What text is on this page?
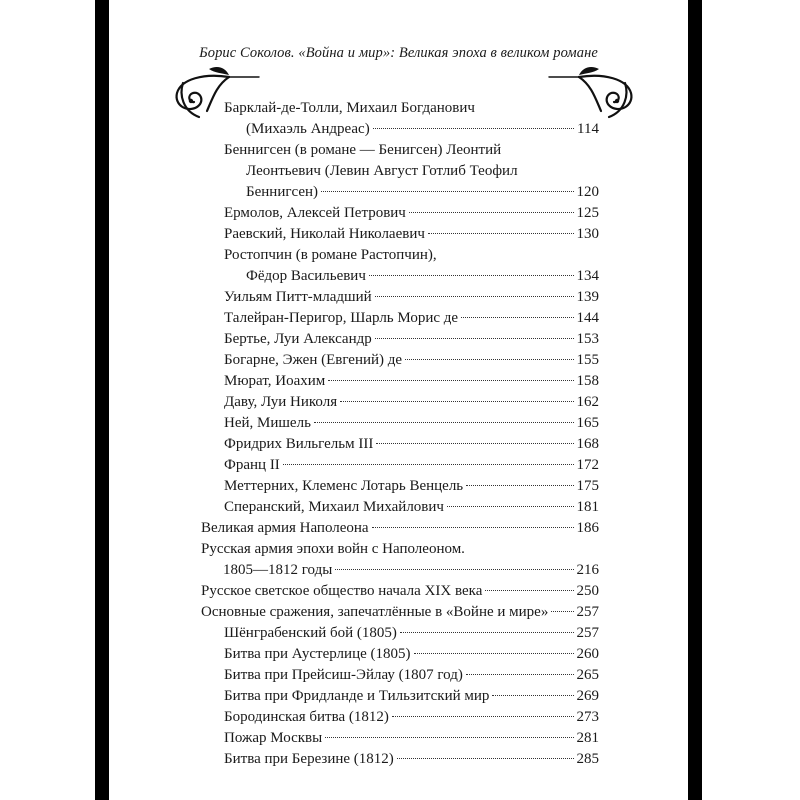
Борис Соколов. «Война и мир»: Великая эпоха в великом романе
Барклай-де-Толли, Михаил Богданович
(Михаэль Андреас)	114
Беннигсен (в романе — Бенигсен) Леонтий
Леонтьевич (Левин Август Готлиб Теофил
Беннигсен)	120
Ермолов, Алексей Петрович	125
Раевский, Николай Николаевич	130
Ростопчин (в романе Растопчин),
Фёдор Васильевич	134
Уильям Питт-младший	139
Талейран-Перигор, Шарль Морис де	144
Бертье, Луи Александр	153
Богарне, Эжен (Евгений) де	155
Мюрат, Иоахим	158
Даву, Луи Николя	162
Ней, Мишель	165
Фридрих Вильгельм III	168
Франц II	172
Меттерних, Клеменс Лотарь Венцель	175
Сперанский, Михаил Михайлович	181
Великая армия Наполеона	186
Русская армия эпохи войн с Наполеоном.
1805—1812 годы	216
Русское светское общество начала XIX века	250
Основные сражения, запечатлённые в «Войне и мире» 257
Шёнграбенский бой (1805)	257
Битва при Аустерлице (1805)	260
Битва при Прейсиш-Эйлау (1807 год)	265
Битва при Фридланде и Тильзитский мир	269
Бородинская битва (1812)	273
Пожар Москвы	281
Битва при Березине (1812)	285
